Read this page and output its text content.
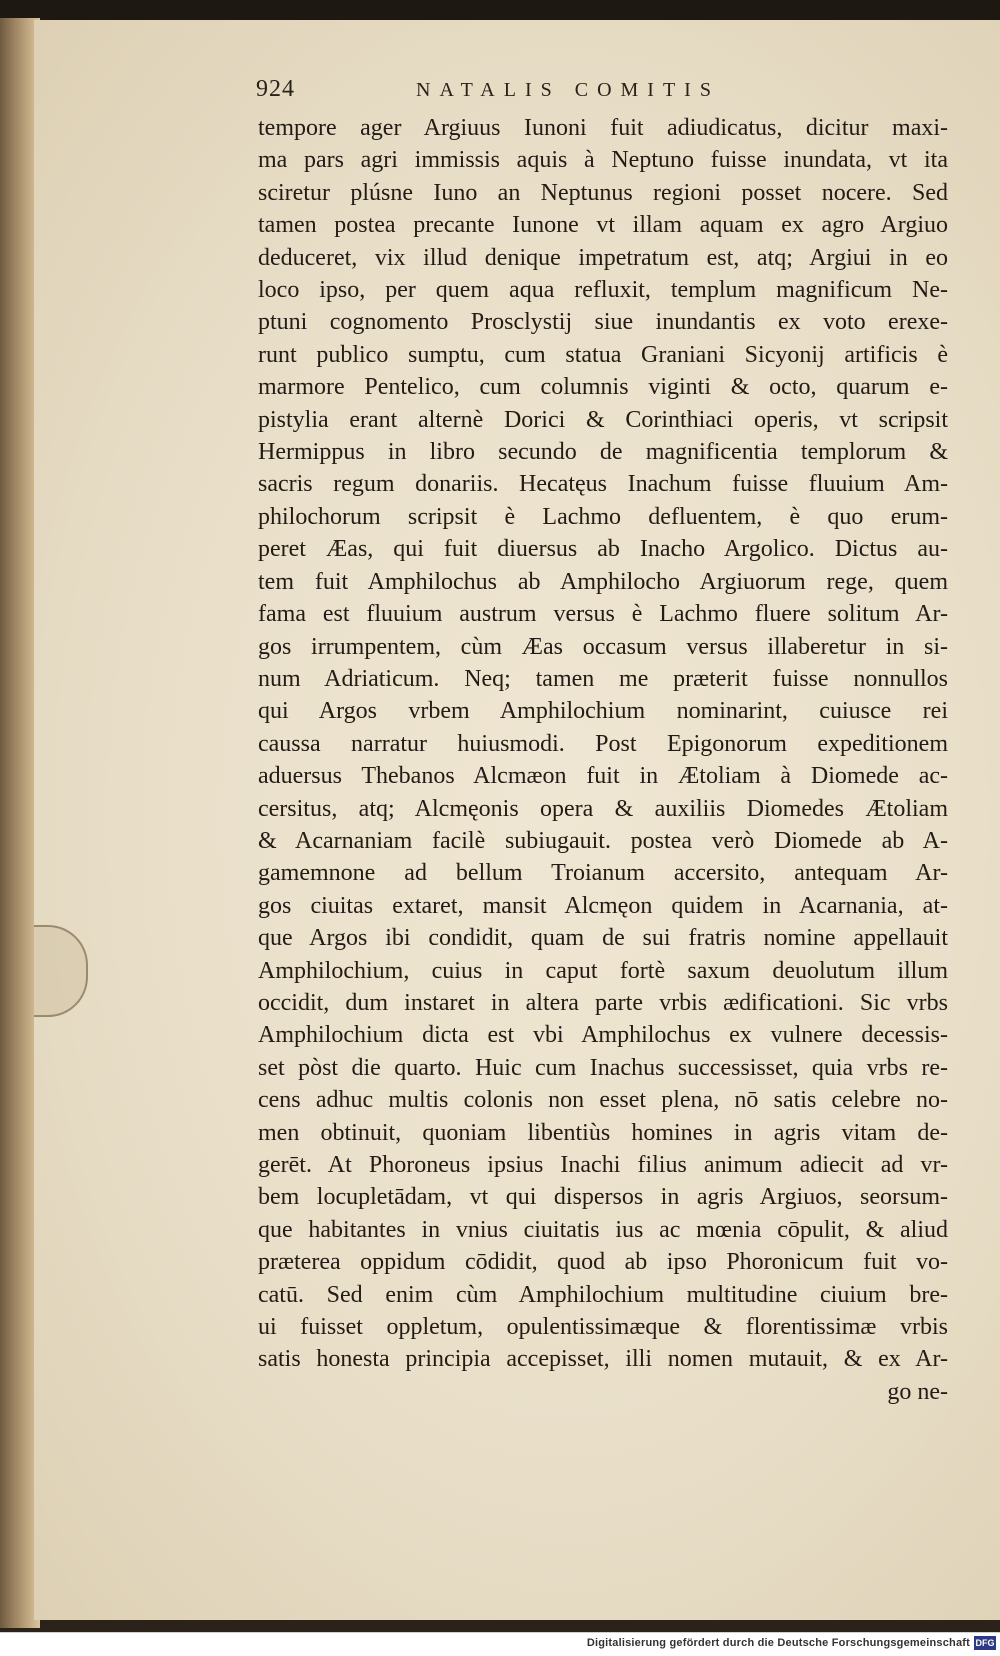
924	NATALIS COMITIS
tempore ager Argiuus Iunoni fuit adiudicatus, dicitur maxi-
ma pars agri immissis aquis à Neptuno fuisse inundata, vt ita
sciretur plúsne Iuno an Neptunus regioni posset nocere. Sed
tamen postea precante Iunone vt illam aquam ex agro Argiuo
deduceret, vix illud denique impetratum est, atq; Argiui in eo
loco ipso, per quem aqua refluxit, templum magnificum Ne-
ptuni cognomento Prosclystij siue inundantis ex voto erexe-
runt publico sumptu, cum statua Graniani Sicyonij artificis è
marmore Pentelico, cum columnis viginti & octo, quarum e-
pistylia erant alternè Dorici & Corinthiaci operis, vt scripsit
Hermippus in libro secundo de magnificentia templorum &
sacris regum donariis. Hecatęus Inachum fuisse fluuium Am-
philochorum scripsit è Lachmo defluentem, è quo erum-
peret Æas, qui fuit diuersus ab Inacho Argolico. Dictus au-
tem fuit Amphilochus ab Amphilocho Argiuorum rege, quem
fama est fluuium austrum versus è Lachmo fluere solitum Ar-
gos irrumpentem, cùm Æas occasum versus illaberetur in si-
num Adriaticum. Neq; tamen me præterit fuisse nonnullos
qui Argos vrbem Amphilochium nominarint, cuiusce rei
caussa narratur huiusmodi. Post Epigonorum expeditionem
aduersus Thebanos Alcmæon fuit in Ætoliam à Diomede ac-
cersitus, atq; Alcmęonis opera & auxiliis Diomedes Ætoliam
& Acarnaniam facilè subiugauit. postea verò Diomede ab A-
gamemnone ad bellum Troianum accersito, antequam Ar-
gos ciuitas extaret, mansit Alcmęon quidem in Acarnania, at-
que Argos ibi condidit, quam de sui fratris nomine appellauit
Amphilochium, cuius in caput fortè saxum deuolutum illum
occidit, dum instaret in altera parte vrbis ædificationi. Sic vrbs
Amphilochium dicta est vbi Amphilochus ex vulnere decessis-
set pòst die quarto. Huic cum Inachus successisset, quia vrbs re-
cens adhuc multis colonis non esset plena, nō satis celebre no-
men obtinuit, quoniam libentiùs homines in agris vitam de-
gerēt. At Phoroneus ipsius Inachi filius animum adiecit ad vr-
bem locupletādam, vt qui dispersos in agris Argiuos, seorsum-
que habitantes in vnius ciuitatis ius ac mœnia cōpulit, & aliud
præterea oppidum cōdidit, quod ab ipso Phoronicum fuit vo-
catū. Sed enim cùm Amphilochium multitudine ciuium bre-
ui fuisset oppletum, opulentissimæque & florentissimæ vrbis
satis honesta principia accepisset, illi nomen mutauit, & ex Ar-
go ne-
Digitalisierung gefördert durch die Deutsche Forschungsgemeinschaft DFG
